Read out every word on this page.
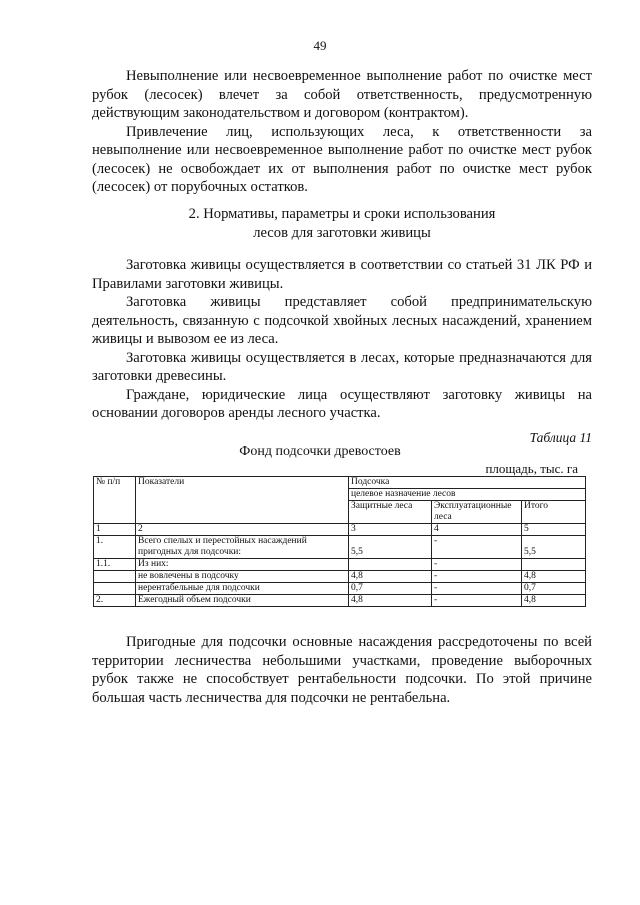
49

Невыполнение или несвоевременное выполнение работ по очистке мест рубок (лесосек) влечет за собой ответственность, предусмотренную действующим законодательством и договором (контрактом).

Привлечение лиц, использующих леса, к ответственности за невыполнение или несвоевременное выполнение работ по очистке мест рубок (лесосек) не освобождает их от выполнения работ по очистке мест рубок (лесосек) от порубочных остатков.

2. Нормативы, параметры и сроки использования
лесов для заготовки живицы

Заготовка живицы осуществляется в соответствии со статьей 31 ЛК РФ и Правилами заготовки живицы.

Заготовка живицы представляет собой предпринимательскую деятельность, связанную с подсочкой хвойных лесных насаждений, хранением живицы и вывозом ее из леса.

Заготовка живицы осуществляется в лесах, которые предназначаются для заготовки древесины.

Граждане, юридические лица осуществляют заготовку живицы на основании договоров аренды лесного участка.

Таблица 11
Фонд подсочки древостоев
площадь, тыс. га
№ п/п	Показатели	Подсочка		
		целевое назначение лесов		
		Защитные леса	Эксплуатационные леса	Итого
1	2	3	4	5
1.	Всего спелых и перестойных насаждений пригодных для подсочки:	5,5	-	5,5
1.1.	Из них:		-	
	не вовлечены в подсочку	4,8	-	4,8
	нерентабельные для подсочки	0,7	-	0,7
2.	Ежегодный объем подсочки	4,8	-	4,8

Пригодные для подсочки основные насаждения рассредоточены по всей территории лесничества небольшими участками, проведение выборочных рубок также не способствует рентабельности подсочки. По этой причине большая часть лесничества для подсочки не рентабельна.
